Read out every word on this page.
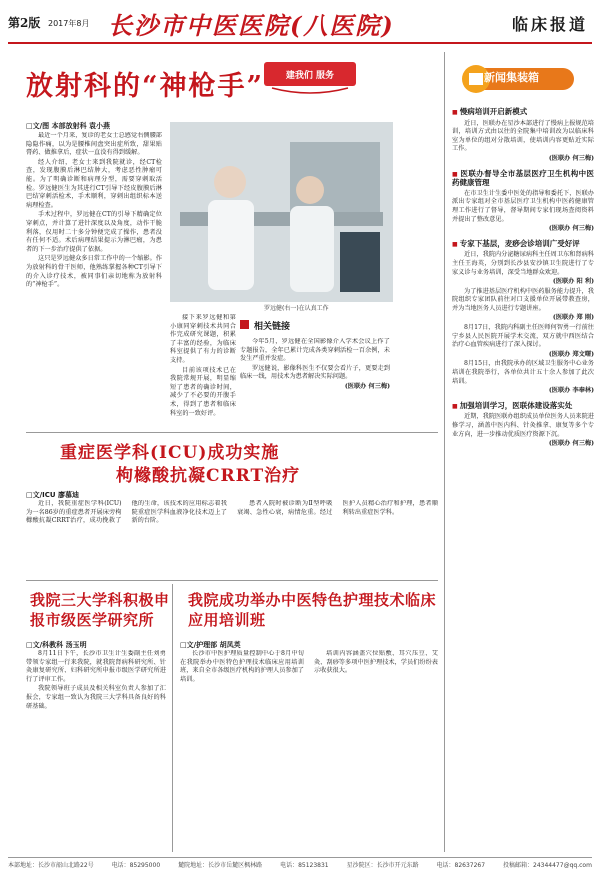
第2版 2017年8月 长沙市中医医院(八医院)	临床报道
放射科的“神枪手” 建我们 服务
□文/图 本部放射科 袁小燕

最近一个月来，复诊的老女士总感觉右侧腰部隐隐作痛，以为是腰椎间盘突出症所致，甜果贴膏药、做推拿后，症状一直没有得到缓解。

经人介绍，老女士来到我院就诊，经CT检查，发现腹膜后淋巴结肿大，考虑恶性肿瘤可能。为了明确诊断和病理分型，需要穿刺取活检。罗远健医生为其进行CT引导下经皮腹膜后淋巴结穿刺活检术，手术顺利，穿刺出组织标本送病理检查。

手术过程中，罗远健在CT的引导下精确定位穿刺点，并计算了进针深度以及角度，动作干脆利落，仅用时二十多分钟便完成了操作，患者没有任何不适。术后病理结果提示为淋巴瘤，为患者的下一步治疗提供了依据。

这只是罗远健众多日常工作中的一个缩影。作为放射科的骨干医师，他熟练掌握各种CT引导下的介入诊疗技术，被同事们亲切地称为放射科的“神枪手”。

罗远健(右一)在认真工作

接下来罗远健和第小康同穿刺技术共同合作完成研究课题，积累了丰富的经验，为临床科室提供了有力的诊断支持。

目前该项技术已在我院常规开展，明显缩短了患者的确诊时间，减少了不必要的开腹手术，得到了患者和临床科室的一致好评。

相关链接

今年5月，罗远健在全国影像介入学术会议上作了专题报告，全年已累计完成各类穿刺活检一百余例，未发生严重并发症。

罗远健说，影像科医生不仅要会看片子，更要走到临床一线，用技术为患者解决实际问题。

(医联办 何三梅)

新闻集装箱
■ 慢病培训开启新模式

近日，医联办在星沙本部进行了慢病上报规范培训，培训方式由以往的全院集中培训改为以临床科室为单位的组对分散培训，使培训内容更贴近实际工作。

(医联办 何三梅)

■ 医联办督导全市基层医疗卫生机构中医药健康管理

在市卫生计生委中医处的指导和委托下，医联办派出专家组对全市基层医疗卫生机构中医药健康管理工作进行了督导，督导期间专家们现场查阅资料并提出了整改意见。

(医联办 何三梅)

■ 专家下基层，麦痧会诊培训广受好评

近日，我院内分泌糖尿病科主任周卫东和肾病科主任王海英，分别到长沙县安沙镇卫生院进行了专家义诊与业务培训，深受当地群众欢迎。

(医联办 阳 利)

为了推进基层医疗机构中医药服务能力提升，我院组织专家团队前往对口支援单位开展带教查房，并为当地医务人员进行专题讲座。

(医联办 郑 刚)

8月17日，我院内科副主任医师何智勇一行前往宁乡县人民医院开展学术交流，双方就中西医结合治疗心血管疾病进行了深入探讨。

(医联办 郑文曙)

8月15日，由我院承办的区域卫生服务中心业务培训在我院举行，各单位共计五十余人参加了此次培训。

(医联办 李奉林)

■ 加强培训学习，医联体建设落实处

近期，我院医联办组织成员单位医务人员来院进修学习，涵盖中医内科、针灸推拿、康复等多个专业方向，进一步推动优质医疗资源下沉。

(医联办 何三梅)

重症医学科(ICU)成功实施
枸橼酸抗凝CRRT治疗
□文/ICU 廖慕迪

近日，我院重症医学科(ICU)为一名86岁的重症患者开展床旁枸橼酸抗凝CRRT治疗，成功挽救了他的生命，该技术的应用标志着我院重症医学科血液净化技术迈上了新的台阶。

患者入院时被诊断为Ⅱ型呼吸衰竭、急性心衰，病情危重。经过医护人员精心治疗和护理，患者顺利转出重症医学科。

我院三大学科积极申报市级医学研究所
□文/科教科 汤玉明

8月11日下午，长沙市卫生计生委副主任刘勇带领专家组一行来我院，就我院肾病科研究所、针灸康复研究所、妇科研究所申报市级医学研究所进行了评审工作。

我院领导班子成员及相关科室负责人参加了汇报会，专家组一致认为我院三大学科具备良好的科研基础。

我院成功举办中医特色护理技术临床应用培训班
□文/护理部 胡凤英

长沙市中医护理质量控制中心于8月中旬在我院举办中医特色护理技术临床应用培训班，来自全市各级医疗机构的护理人员参加了培训。

培训内容涵盖穴位贴敷、耳穴压豆、艾灸、刮痧等多项中医护理技术，学员们纷纷表示收获很大。

本部地址：长沙市韶山北路22号	电话：85295000	麓院地址：长沙市岳麓区枫林路	电话：85123831	星沙院区：长沙市开元东路	电话：82637267	投稿邮箱：24344477@qq.com
